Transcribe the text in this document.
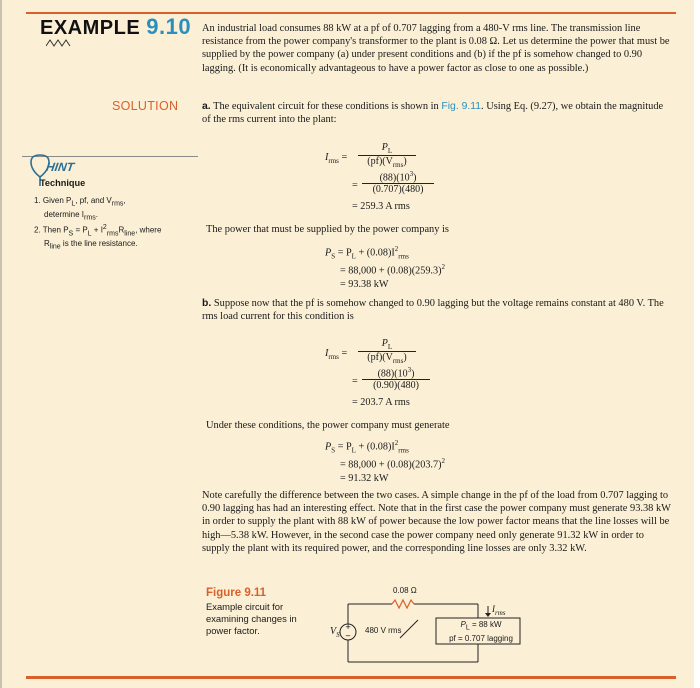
EXAMPLE 9.10 An industrial load consumes 88 kW at a pf of 0.707 lagging from a 480-V rms line. The transmission line resistance from the power company's transformer to the plant is 0.08 Ω. Let us determine the power that must be supplied by the power company (a) under present conditions and (b) if the pf is somehow changed to 0.90 lagging. (It is economically advantageous to have a power factor as close to one as possible.)
SOLUTION a. The equivalent circuit for these conditions is shown in Fig. 9.11. Using Eq. (9.27), we obtain the magnitude of the rms current into the plant:
$I_{rms}$ =
$P_L$
$(pf)(V_{rms})$
= $\frac{(88)(10^3)}{(0.707)(480)}$
= 259.3 A rms
The power that must be supplied by the power company is
$P_S = P_L + (0.08)I^2_{rms}$
= $88,000 + (0.08)(259.3)^2$
= 93.38 kW
b. Suppose now that the pf is somehow changed to 0.90 lagging but the voltage remains constant at 480 V. The rms load current for this condition is
$I_{rms}$ =
$P_L$
$(pf)(V_{rms})$
= $\frac{(88)(10^3)}{(0.90)(480)}$
= 203.7 A rms
Under these conditions, the power company must generate
$P_S = P_L + (0.08)I^2_{rms}$
= $88,000 + (0.08)(203.7)^2$
= 91.32 kW
Note carefully the difference between the two cases. A simple change in the pf of the load from 0.707 lagging to 0.90 lagging has had an interesting effect. Note that in the first case the power company must generate 93.38 kW in order to supply the plant with 88 kW of power because the low power factor means that the line losses will be high—5.38 kW. However, in the second case the power company need only generate 91.32 kW in order to supply the plant with its required power, and the corresponding line losses are only 3.32 kW.
HINT
Technique
1. Given PL, pf, and Vrms,
determine Irms.
2. Then PS = PL + I2rmsRline, where
Rline is the line resistance.
Figure 9.11
Example circuit for examining changes in power factor.	+
−
0.08 Ω
$V_S$	480 V rms
$I_{rms}$
PL = 88 kW
pf = 0.707 lagging
